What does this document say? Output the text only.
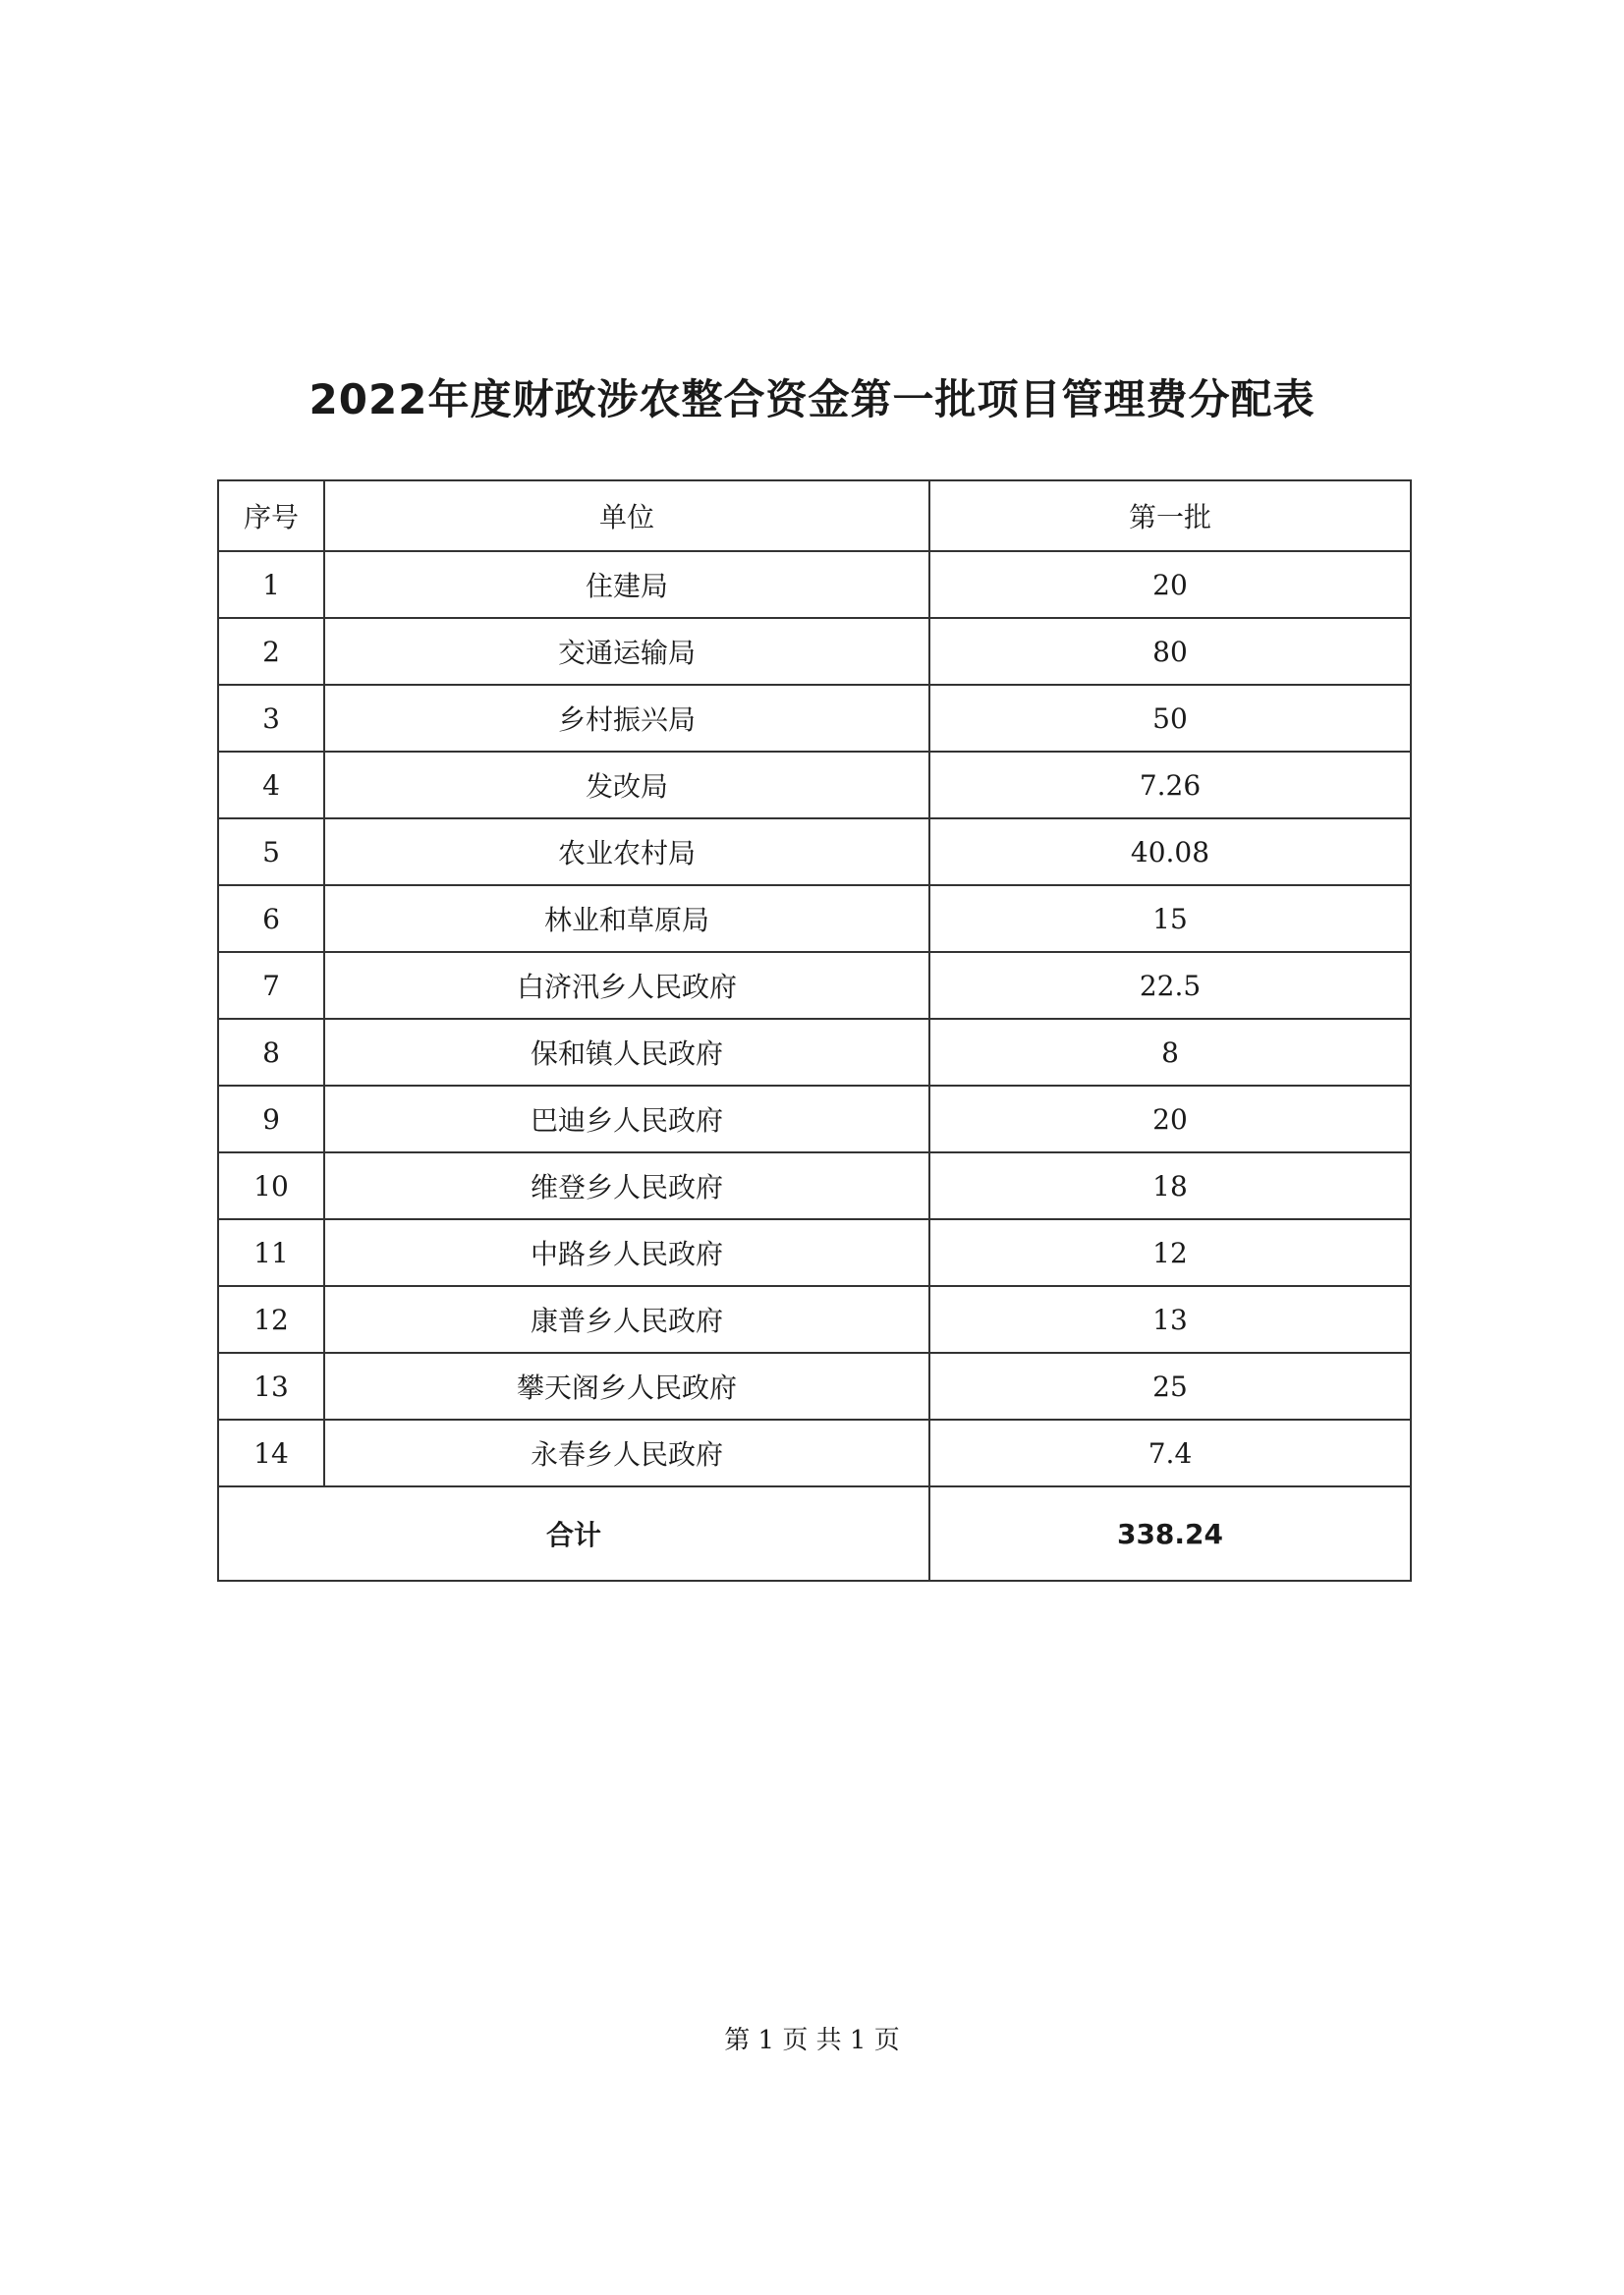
2022年度财政涉农整合资金第一批项目管理费分配表
序号	单位	第一批
1	住建局	20
2	交通运输局	80
3	乡村振兴局	50
4	发改局	7.26
5	农业农村局	40.08
6	林业和草原局	15
7	白济汛乡人民政府	22.5
8	保和镇人民政府	8
9	巴迪乡人民政府	20
10	维登乡人民政府	18
11	中路乡人民政府	12
12	康普乡人民政府	13
13	攀天阁乡人民政府	25
14	永春乡人民政府	7.4
合计		338.24
第 1 页 共 1 页
